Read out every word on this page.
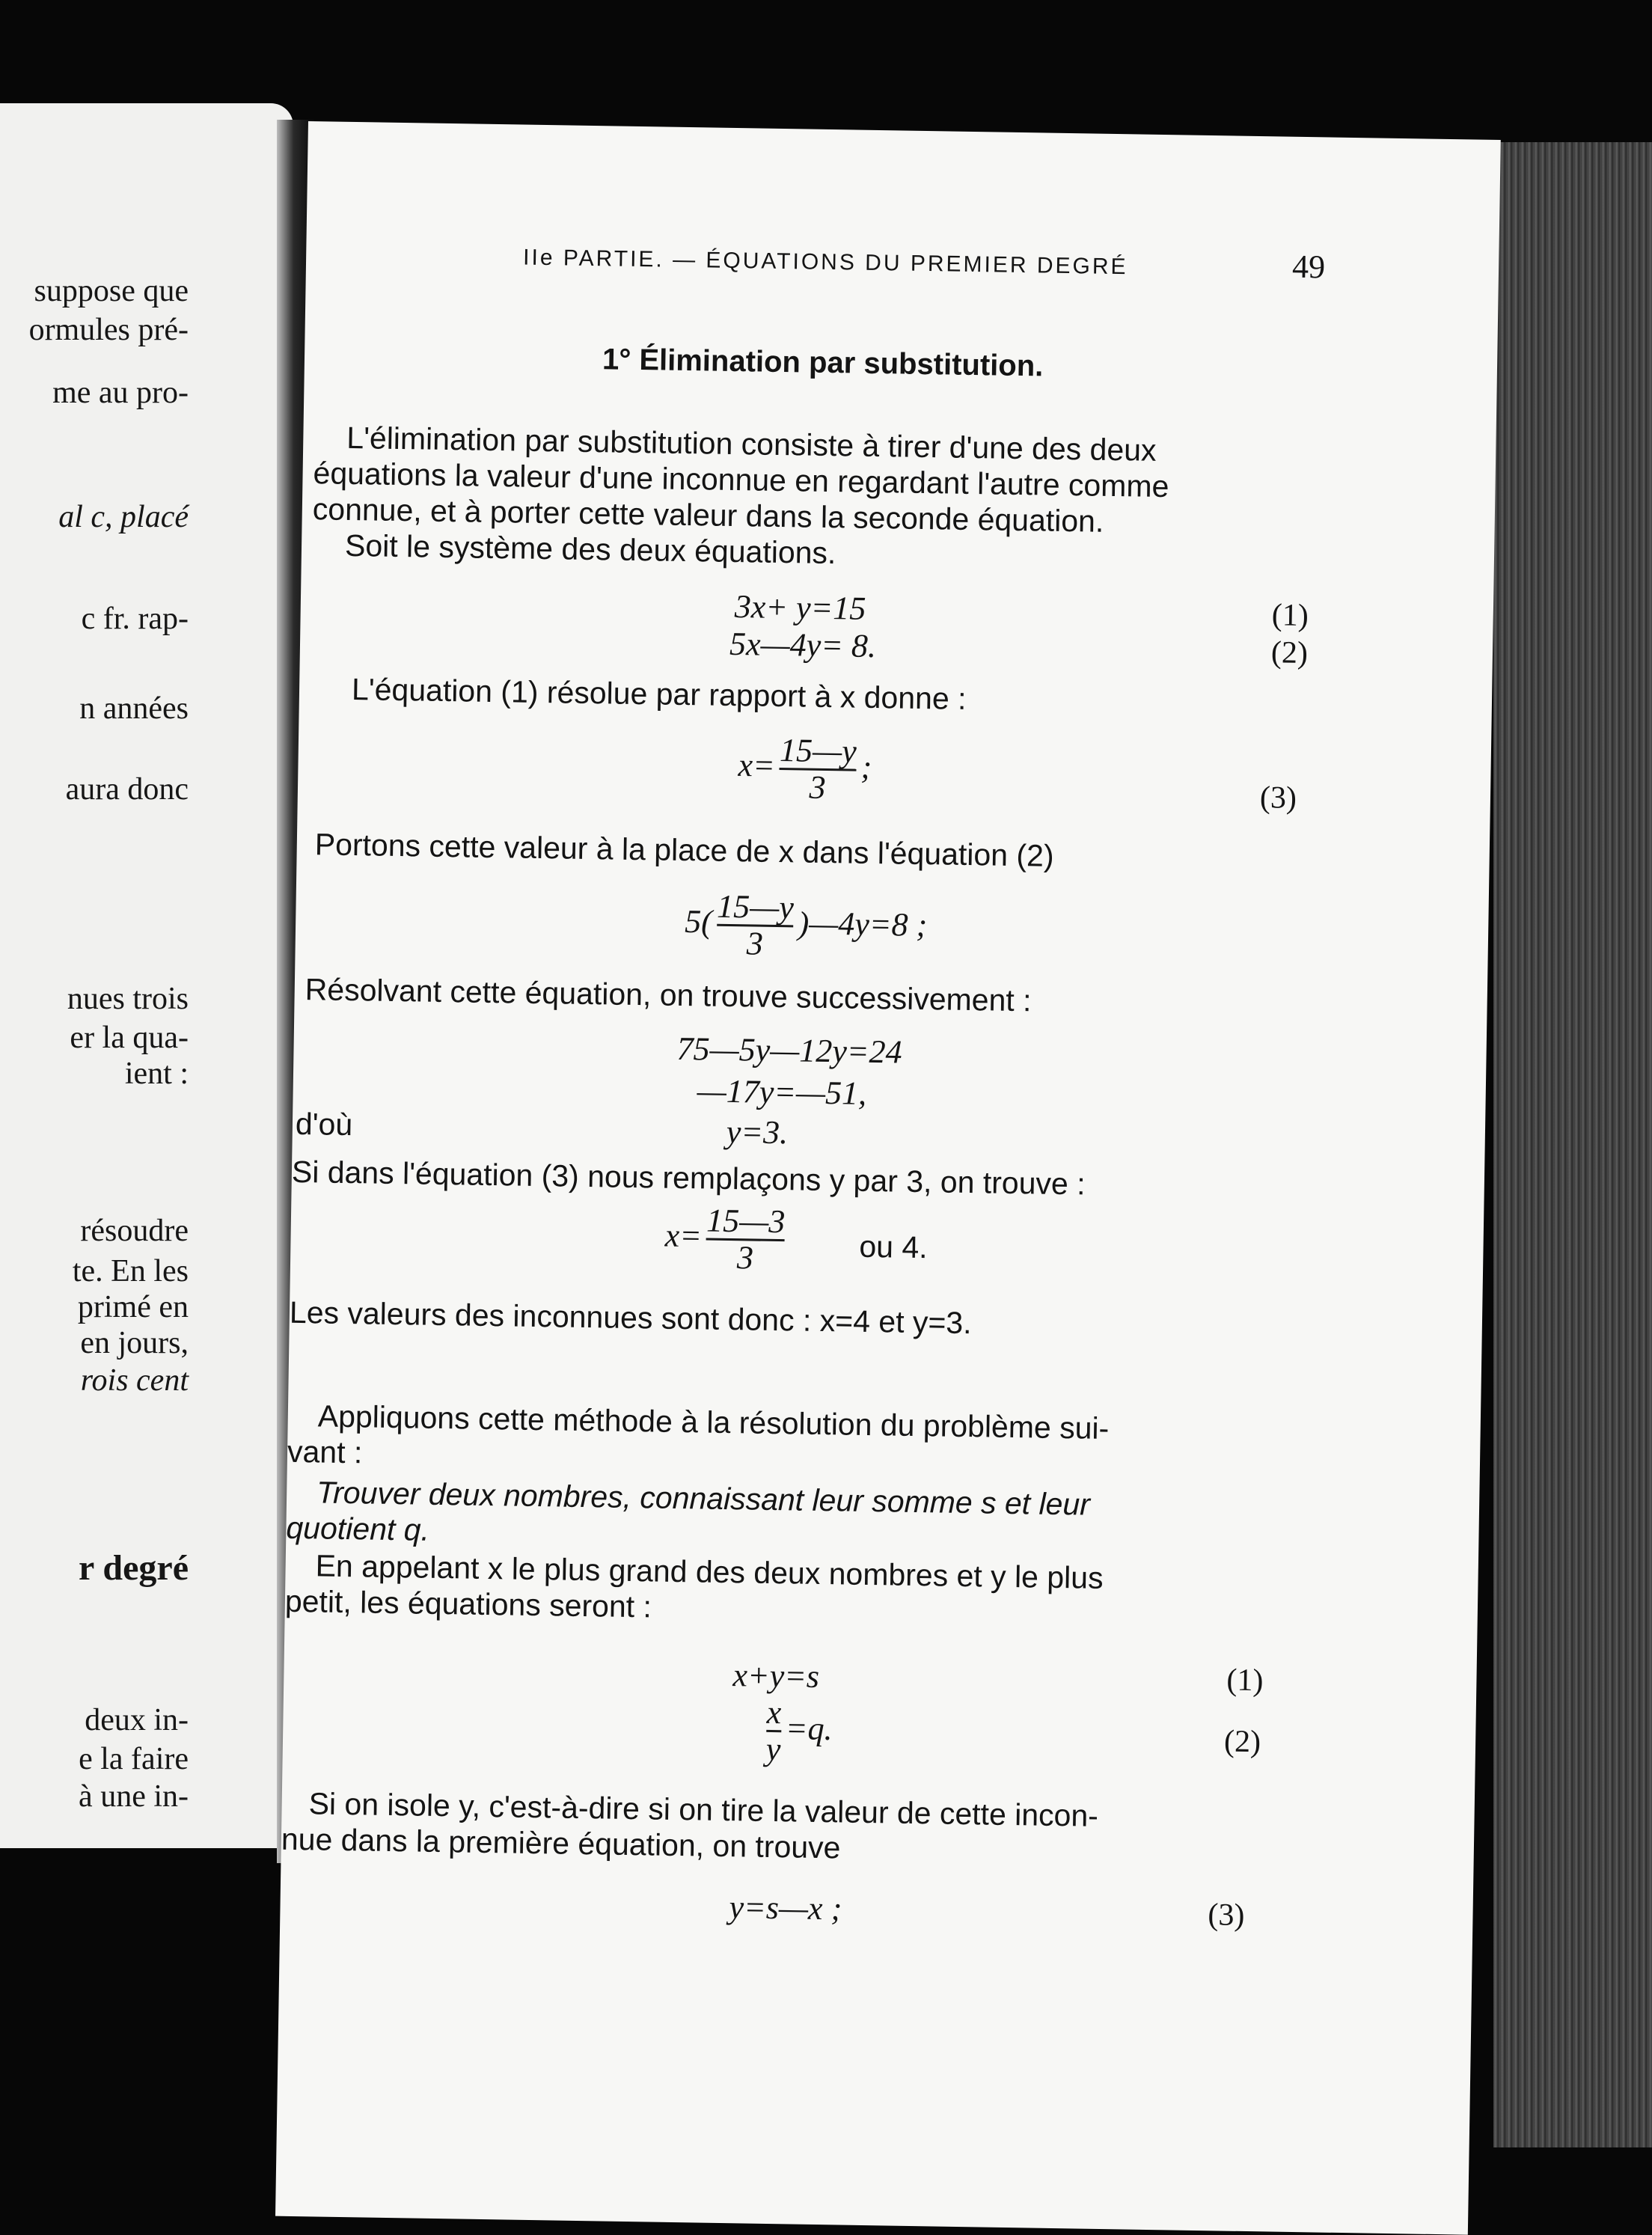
suppose que
ormules pré-
me au pro-
al c, placé
c fr. rap-
n années
aura donc
nues trois
er la qua-
ient :
résoudre
te. En les
primé en
en jours,
rois cent
r degré
deux in-
e la faire
à une in-
IIe PARTIE. — ÉQUATIONS DU PREMIER DEGRÉ	49
1° Élimination par substitution.
L'élimination par substitution consiste à tirer d'une des deux
équations la valeur d'une inconnue en regardant l'autre comme
connue, et à porter cette valeur dans la seconde équation.
Soit le système des deux équations.
3x+ y=15	(1)
5x—4y= 8.	(2)
L'équation (1) résolue par rapport à x donne :
$x= \frac{15—y}{3}$ ;
(3)
Portons cette valeur à la place de x dans l'équation (2)
$5( \frac{15—y}{3}$ )—4y=8 ;
Résolvant cette équation, on trouve successivement :
75—5y—12y=24
—17y=—51,
d'où	y=3.
Si dans l'équation (3) nous remplaçons y par 3, on trouve :
$x= \frac{15—3}{3}$ ou 4.
Les valeurs des inconnues sont donc : x=4 et y=3.
Appliquons cette méthode à la résolution du problème sui-
vant :
Trouver deux nombres, connaissant leur somme s et leur
quotient q.
En appelant x le plus grand des deux nombres et y le plus
petit, les équations seront :
x+y=s	(1)
$\frac{x}{y} =q$.	(2)
Si on isole y, c'est-à-dire si on tire la valeur de cette incon-
nue dans la première équation, on trouve
y=s—x ;	(3)
